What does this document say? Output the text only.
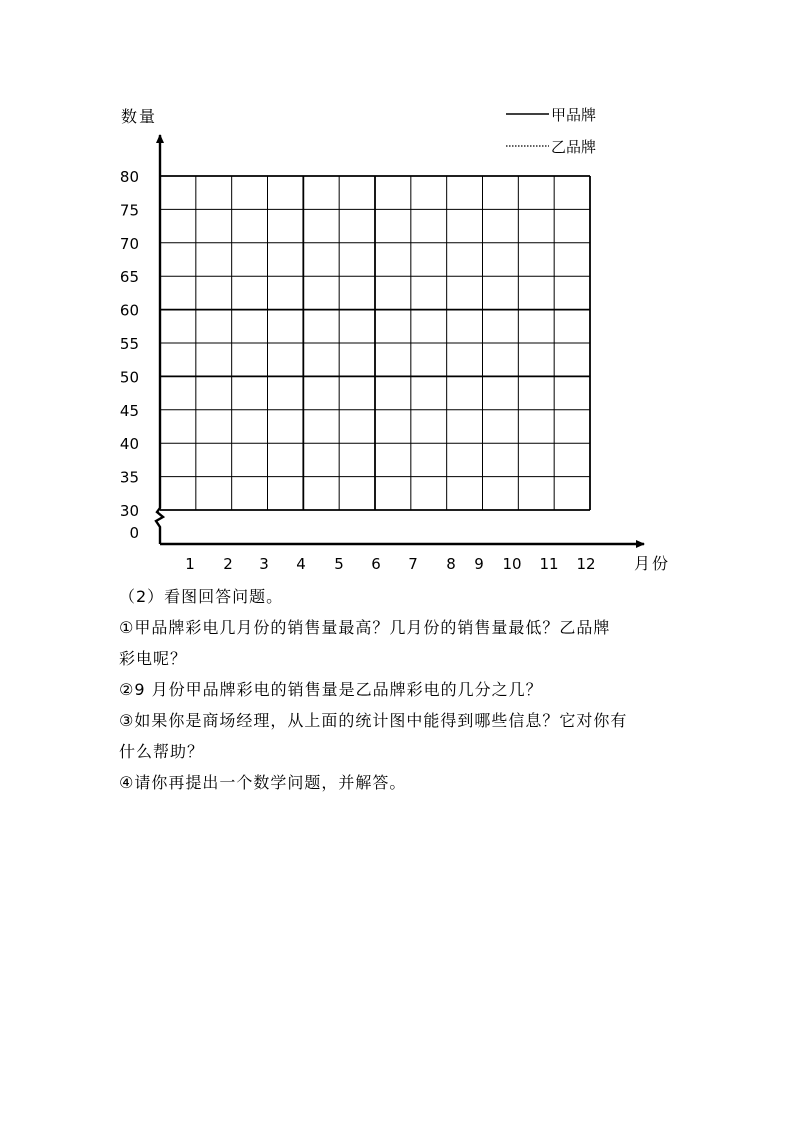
80
75
70
65
60
55
50
45
40
35
30
0
1 2 3 4 5 6 7 8 9 10 11 12
数量
月份
甲品牌
乙品牌

（2）看图回答问题。

①甲品牌彩电几月份的销售量最高？几月份的销售量最低？乙品牌

彩电呢？

②9 月份甲品牌彩电的销售量是乙品牌彩电的几分之几？

③如果你是商场经理，从上面的统计图中能得到哪些信息？它对你有

什么帮助？

④请你再提出一个数学问题，并解答。
